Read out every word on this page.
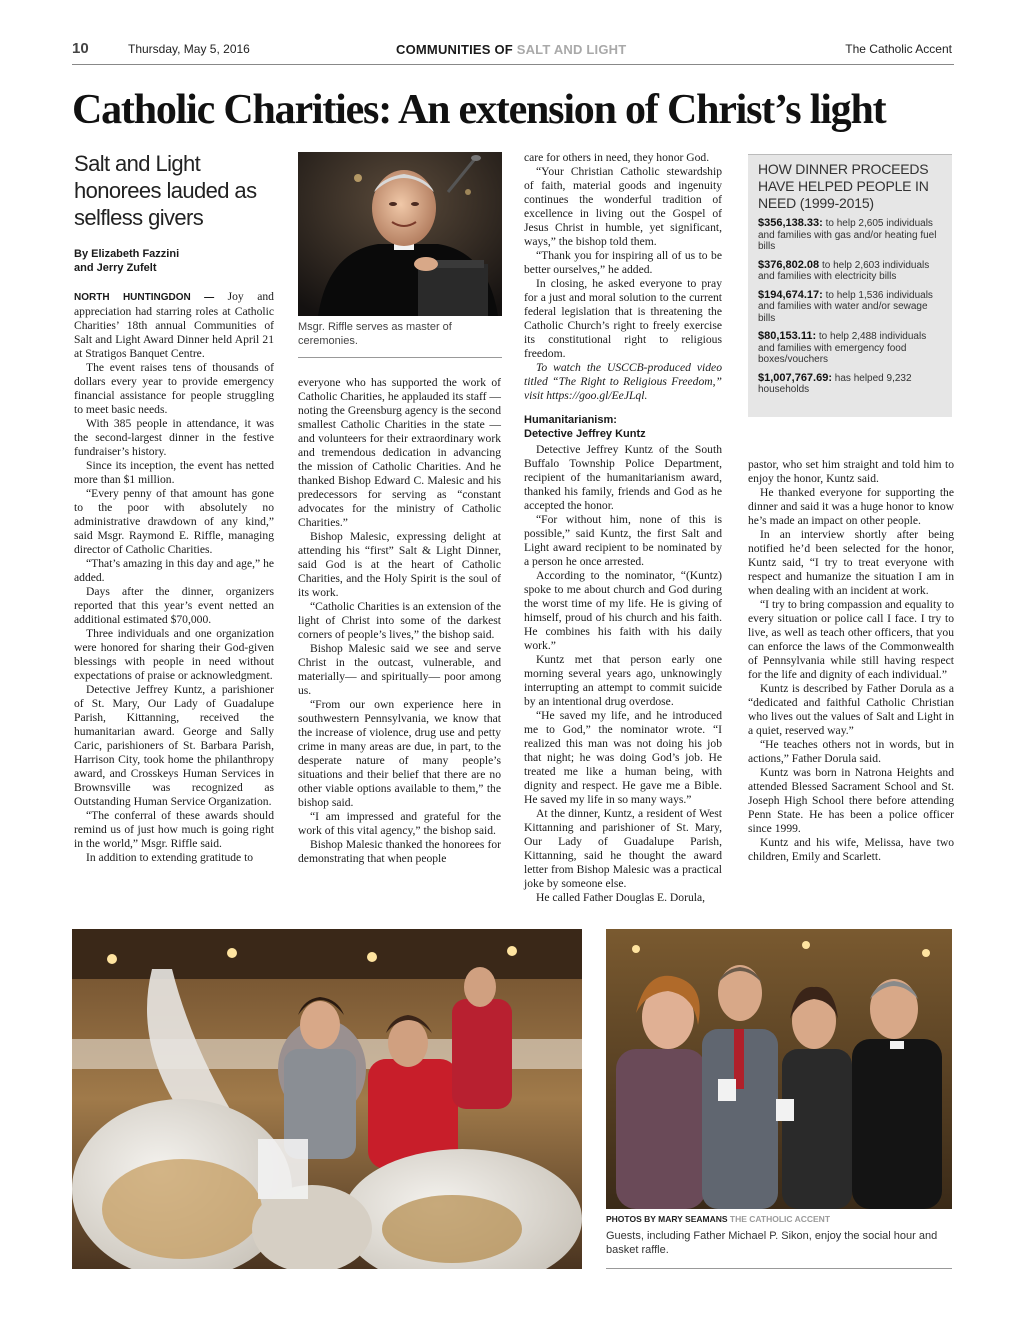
10	Thursday, May 5, 2016	COMMUNITIES OF SALT AND LIGHT	The Catholic Accent
Catholic Charities: An extension of Christ’s light
Salt and Light honorees lauded as selfless givers
By Elizabeth Fazzini
and Jerry Zufelt

NORTH HUNTINGDON — Joy and appreciation had starring roles at Catholic Charities’ 18th annual Communities of Salt and Light Award Dinner held April 21 at Stratigos Banquet Centre.

The event raises tens of thousands of dollars every year to provide emergency financial assistance for people struggling to meet basic needs.

With 385 people in attendance, it was the second-largest dinner in the festive fundraiser’s history.

Since its inception, the event has netted more than $1 million.

“Every penny of that amount has gone to the poor with absolutely no administrative drawdown of any kind,” said Msgr. Raymond E. Riffle, managing director of Catholic Charities.

“That’s amazing in this day and age,” he added.

Days after the dinner, organizers reported that this year’s event netted an additional estimated $70,000.

Three individuals and one organization were honored for sharing their God-given blessings with people in need without expectations of praise or acknowledgment.

Detective Jeffrey Kuntz, a parishioner of St. Mary, Our Lady of Guadalupe Parish, Kittanning, received the humanitarian award. George and Sally Caric, parishioners of St. Barbara Parish, Harrison City, took home the philanthropy award, and Crosskeys Human Services in Brownsville was recognized as Outstanding Human Service Organization.

“The conferral of these awards should remind us of just how much is going right in the world,” Msgr. Riffle said.

In addition to extending gratitude to

Msgr. Riffle serves as master of ceremonies.

everyone who has supported the work of Catholic Charities, he applauded its staff — noting the Greensburg agency is the second smallest Catholic Charities in the state — and volunteers for their extraordinary work and tremendous dedication in advancing the mission of Catholic Charities. And he thanked Bishop Edward C. Malesic and his predecessors for serving as “constant advocates for the ministry of Catholic Charities.”

Bishop Malesic, expressing delight at attending his “first” Salt & Light Dinner, said God is at the heart of Catholic Charities, and the Holy Spirit is the soul of its work.

“Catholic Charities is an extension of the light of Christ into some of the darkest corners of people’s lives,” the bishop said.

Bishop Malesic said we see and serve Christ in the outcast, vulnerable, and materially— and spiritually— poor among us.

“From our own experience here in southwestern Pennsylvania, we know that the increase of violence, drug use and petty crime in many areas are due, in part, to the desperate nature of many people’s situations and their belief that there are no other viable options available to them,” the bishop said.

“I am impressed and grateful for the work of this vital agency,” the bishop said.

Bishop Malesic thanked the honorees for demonstrating that when people

care for others in need, they honor God.

“Your Christian Catholic stewardship of faith, material goods and ingenuity continues the wonderful tradition of excellence in living out the Gospel of Jesus Christ in humble, yet significant, ways,” the bishop told them.

“Thank you for inspiring all of us to be better ourselves,” he added.

In closing, he asked everyone to pray for a just and moral solution to the current federal legislation that is threatening the Catholic Church’s right to freely exercise its constitutional right to religious freedom.

To watch the USCCB-produced video titled “The Right to Religious Freedom,” visit https://goo.gl/EeJLql.

Humanitarianism:
Detective Jeffrey Kuntz

Detective Jeffrey Kuntz of the South Buffalo Township Police Department, recipient of the humanitarianism award, thanked his family, friends and God as he accepted the honor.

“For without him, none of this is possible,” said Kuntz, the first Salt and Light award recipient to be nominated by a person he once arrested.

According to the nominator, “(Kuntz) spoke to me about church and God during the worst time of my life. He is giving of himself, proud of his church and his faith. He combines his faith with his daily work.”

Kuntz met that person early one morning several years ago, unknowingly interrupting an attempt to commit suicide by an intentional drug overdose.

“He saved my life, and he introduced me to God,” the nominator wrote. “I realized this man was not doing his job that night; he was doing God’s job. He treated me like a human being, with dignity and respect. He gave me a Bible. He saved my life in so many ways.”

At the dinner, Kuntz, a resident of West Kittanning and parishioner of St. Mary, Our Lady of Guadalupe Parish, Kittanning, said he thought the award letter from Bishop Malesic was a practical joke by someone else.

He called Father Douglas E. Dorula,

HOW DINNER PROCEEDS HAVE HELPED PEOPLE IN NEED (1999-2015)
$356,138.33: to help 2,605 individuals and families with gas and/or heating fuel bills
$376,802.08 to help 2,603 individuals and families with electricity bills
$194,674.17: to help 1,536 individuals and families with water and/or sewage bills
$80,153.11: to help 2,488 individuals and families with emergency food boxes/vouchers
$1,007,767.69: has helped 9,232 households

pastor, who set him straight and told him to enjoy the honor, Kuntz said.

He thanked everyone for supporting the dinner and said it was a huge honor to know he’s made an impact on other people.

In an interview shortly after being notified he’d been selected for the honor, Kuntz said, “I try to treat everyone with respect and humanize the situation I am in when dealing with an incident at work.

“I try to bring compassion and equality to every situation or police call I face. I try to live, as well as teach other officers, that you can enforce the laws of the Commonwealth of Pennsylvania while still having respect for the life and dignity of each individual.”

Kuntz is described by Father Dorula as a “dedicated and faithful Catholic Christian who lives out the values of Salt and Light in a quiet, reserved way.”

“He teaches others not in words, but in actions,” Father Dorula said.

Kuntz was born in Natrona Heights and attended Blessed Sacrament School and St. Joseph High School there before attending Penn State. He has been a police officer since 1999.

Kuntz and his wife, Melissa, have two children, Emily and Scarlett.

PHOTOS BY MARY SEAMANS THE CATHOLIC ACCENT
Guests, including Father Michael P. Sikon, enjoy the social hour and basket raffle.
